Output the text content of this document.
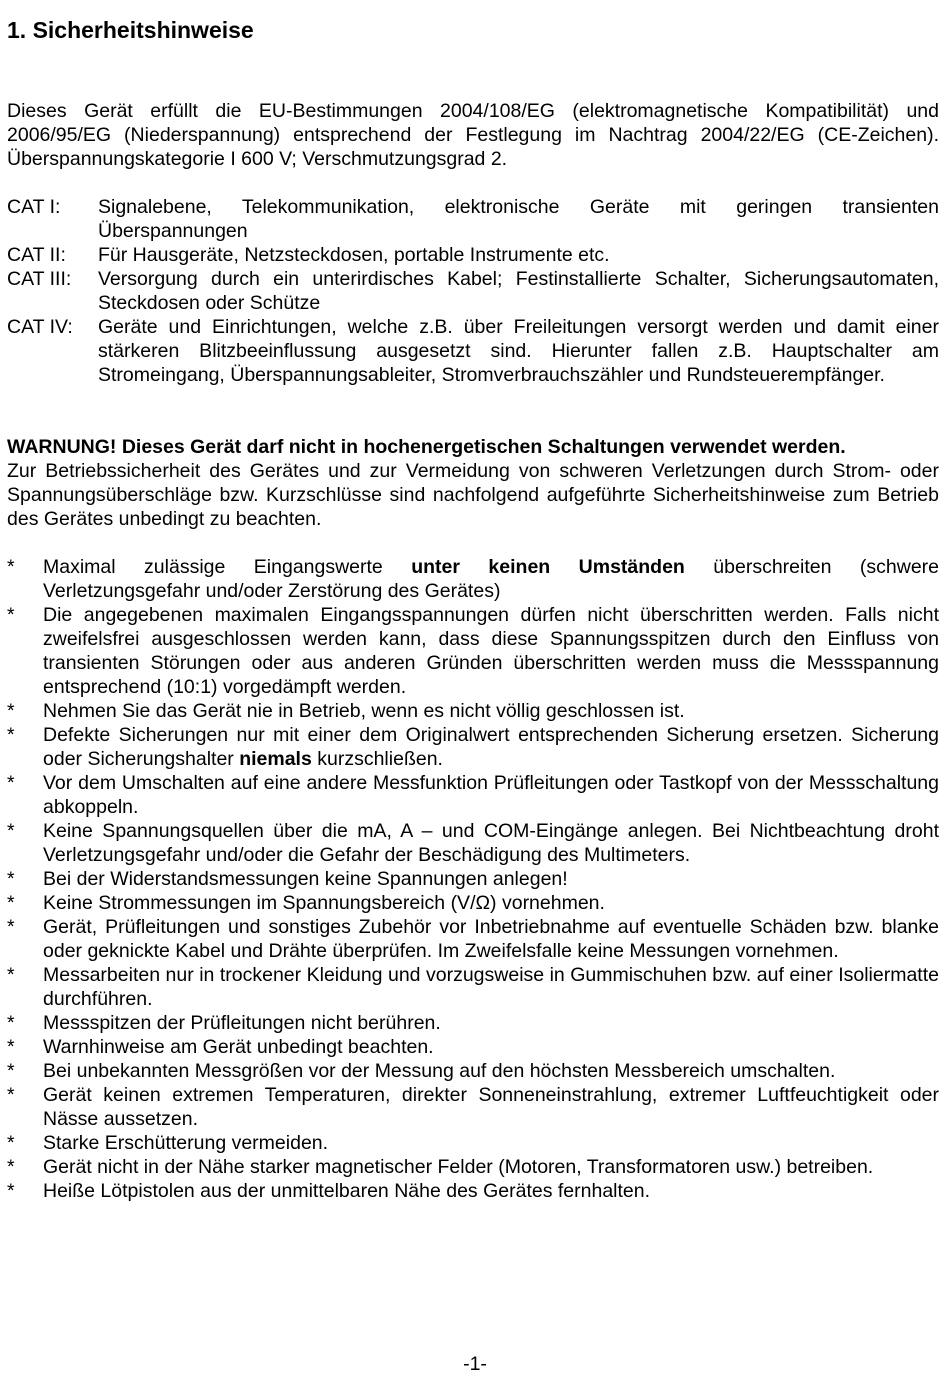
1. Sicherheitshinweise

Dieses Gerät erfüllt die EU-Bestimmungen 2004/108/EG (elektromagnetische Kompatibilität) und 2006/95/EG (Niederspannung) entsprechend der Festlegung im Nachtrag 2004/22/EG (CE-Zeichen). Überspannungskategorie I 600 V; Verschmutzungsgrad 2.

CAT I:	Signalebene, Telekommunikation, elektronische Geräte mit geringen transienten Überspannungen
CAT II:	Für Hausgeräte, Netzsteckdosen, portable Instrumente etc.
CAT III:	Versorgung durch ein unterirdisches Kabel; Festinstallierte Schalter, Sicherungsautomaten, Steckdosen oder Schütze
CAT IV:	Geräte und Einrichtungen, welche z.B. über Freileitungen versorgt werden und damit einer stärkeren Blitzbeeinflussung ausgesetzt sind. Hierunter fallen z.B. Hauptschalter am Stromeingang, Überspannungsableiter, Stromverbrauchszähler und Rundsteuerempfänger.

WARNUNG! Dieses Gerät darf nicht in hochenergetischen Schaltungen verwendet werden.
Zur Betriebssicherheit des Gerätes und zur Vermeidung von schweren Verletzungen durch Strom- oder Spannungsüberschläge bzw. Kurzschlüsse sind nachfolgend aufgeführte Sicherheitshinweise zum Betrieb des Gerätes unbedingt zu beachten.

*	Maximal zulässige Eingangswerte unter keinen Umständen überschreiten (schwere Verletzungsgefahr und/oder Zerstörung des Gerätes)
*	Die angegebenen maximalen Eingangsspannungen dürfen nicht überschritten werden. Falls nicht zweifelsfrei ausgeschlossen werden kann, dass diese Spannungsspitzen durch den Einfluss von transienten Störungen oder aus anderen Gründen überschritten werden muss die Messspannung entsprechend (10:1) vorgedämpft werden.
*	Nehmen Sie das Gerät nie in Betrieb, wenn es nicht völlig geschlossen ist.
*	Defekte Sicherungen nur mit einer dem Originalwert entsprechenden Sicherung ersetzen. Sicherung oder Sicherungshalter niemals kurzschließen.
*	Vor dem Umschalten auf eine andere Messfunktion Prüfleitungen oder Tastkopf von der Messschaltung abkoppeln.
*	Keine Spannungsquellen über die mA, A – und COM-Eingänge anlegen. Bei Nichtbeachtung droht Verletzungsgefahr und/oder die Gefahr der Beschädigung des Multimeters.
*	Bei der Widerstandsmessungen keine Spannungen anlegen!
*	Keine Strommessungen im Spannungsbereich (V/Ω) vornehmen.
*	Gerät, Prüfleitungen und sonstiges Zubehör vor Inbetriebnahme auf eventuelle Schäden bzw. blanke oder geknickte Kabel und Drähte überprüfen. Im Zweifelsfalle keine Messungen vornehmen.
*	Messarbeiten nur in trockener Kleidung und vorzugsweise in Gummischuhen bzw. auf einer Isoliermatte durchführen.
*	Messspitzen der Prüfleitungen nicht berühren.
*	Warnhinweise am Gerät unbedingt beachten.
*	Bei unbekannten Messgrößen vor der Messung auf den höchsten Messbereich umschalten.
*	Gerät keinen extremen Temperaturen, direkter Sonneneinstrahlung, extremer Luftfeuchtigkeit oder Nässe aussetzen.
*	Starke Erschütterung vermeiden.
*	Gerät nicht in der Nähe starker magnetischer Felder (Motoren, Transformatoren usw.) betreiben.
*	Heiße Lötpistolen aus der unmittelbaren Nähe des Gerätes fernhalten.
-1-
